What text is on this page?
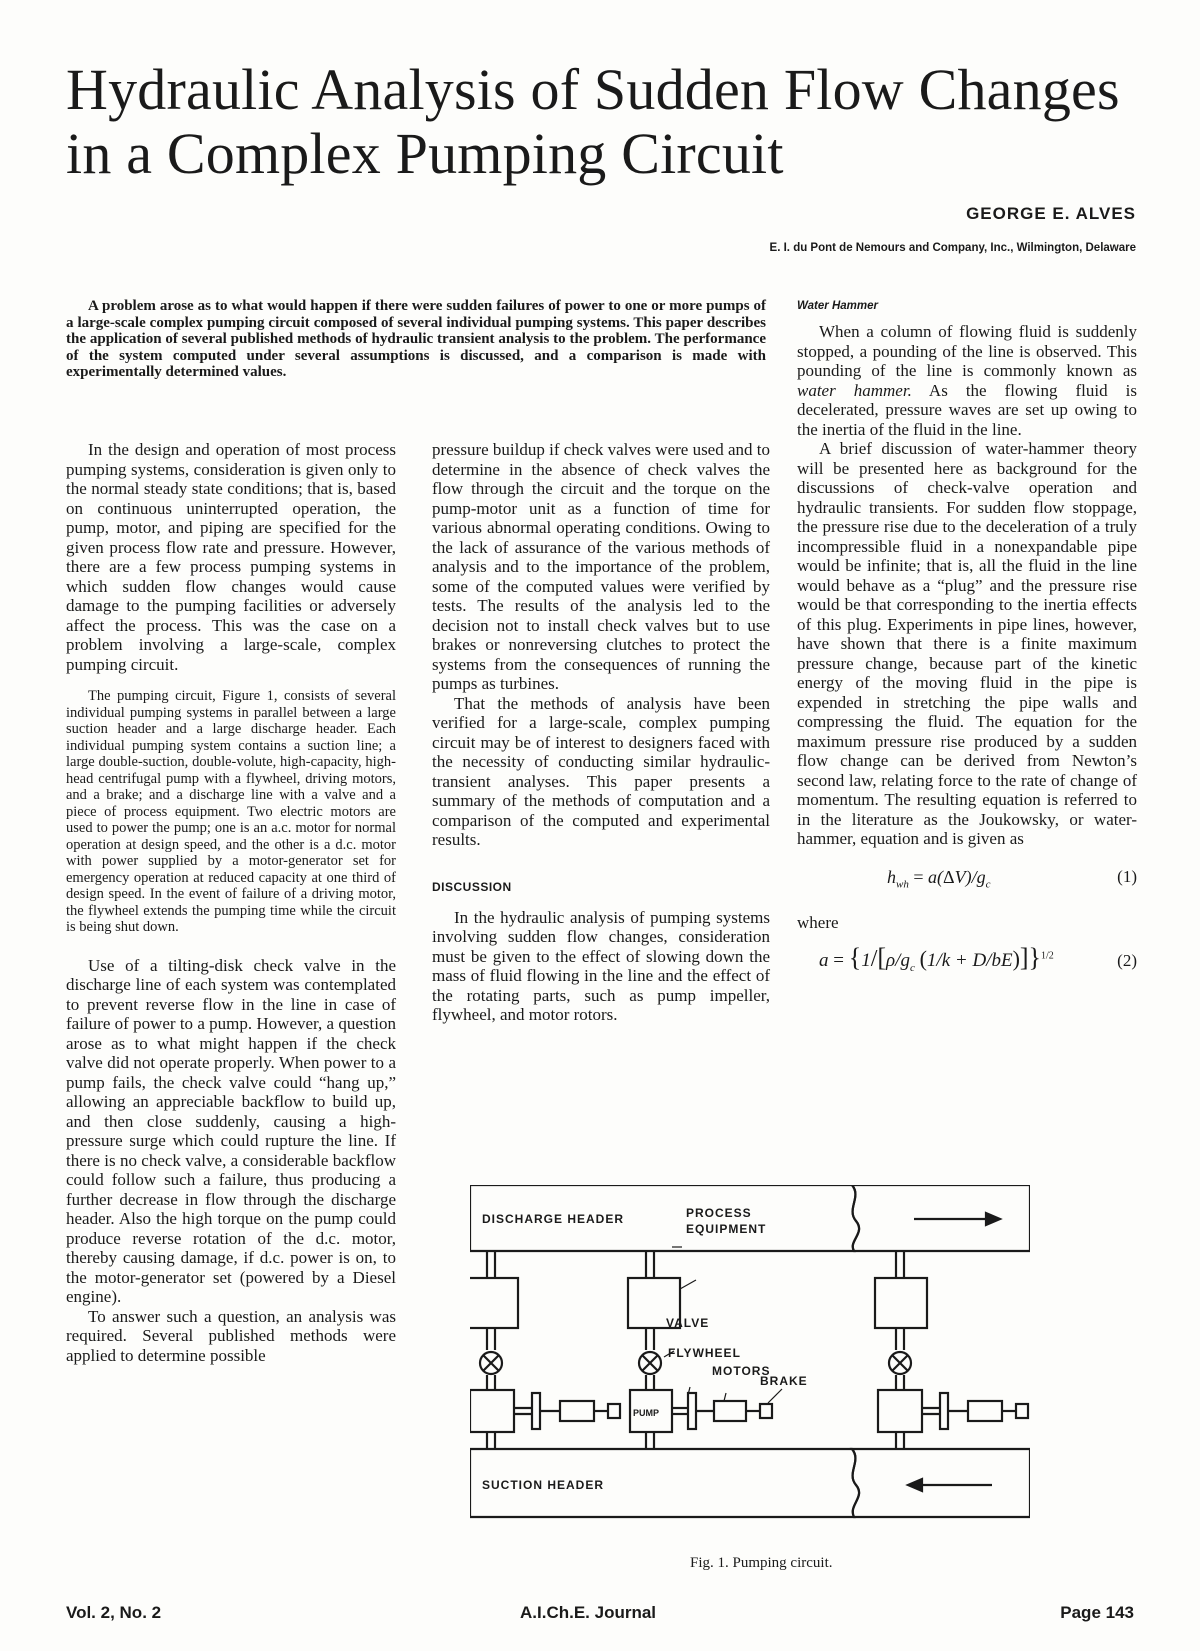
Hydraulic Analysis of Sudden Flow Changes in a Complex Pumping Circuit
GEORGE E. ALVES
E. I. du Pont de Nemours and Company, Inc., Wilmington, Delaware

A problem arose as to what would happen if there were sudden failures of power to one or more pumps of a large-scale complex pumping circuit composed of several individual pumping systems. This paper describes the application of several published methods of hydraulic transient analysis to the problem. The performance of the system computed under several assumptions is discussed, and a comparison is made with experimentally determined values.

In the design and operation of most process pumping systems, consideration is given only to the normal steady state conditions; that is, based on continuous uninterrupted operation, the pump, motor, and piping are specified for the given process flow rate and pressure. However, there are a few process pumping systems in which sudden flow changes would cause damage to the pumping facilities or adversely affect the process. This was the case on a problem involving a large-scale, complex pumping circuit.

The pumping circuit, Figure 1, consists of several individual pumping systems in parallel between a large suction header and a large discharge header. Each individual pumping system contains a suction line; a large double-suction, double-volute, high-capacity, high-head centrifugal pump with a flywheel, driving motors, and a brake; and a discharge line with a valve and a piece of process equipment. Two electric motors are used to power the pump; one is an a.c. motor for normal operation at design speed, and the other is a d.c. motor with power supplied by a motor-generator set for emergency operation at reduced capacity at one third of design speed. In the event of failure of a driving motor, the flywheel extends the pumping time while the circuit is being shut down.

Use of a tilting-disk check valve in the discharge line of each system was contemplated to prevent reverse flow in the line in case of failure of power to a pump. However, a question arose as to what might happen if the check valve did not operate properly. When power to a pump fails, the check valve could “hang up,” allowing an appreciable backflow to build up, and then close suddenly, causing a high-pressure surge which could rupture the line. If there is no check valve, a considerable backflow could follow such a failure, thus producing a further decrease in flow through the discharge header. Also the high torque on the pump could produce reverse rotation of the d.c. motor, thereby causing damage, if d.c. power is on, to the motor-generator set (powered by a Diesel engine).

To answer such a question, an analysis was required. Several published methods were applied to determine possible

pressure buildup if check valves were used and to determine in the absence of check valves the flow through the circuit and the torque on the pump-motor unit as a function of time for various abnormal operating conditions. Owing to the lack of assurance of the various methods of analysis and to the importance of the problem, some of the computed values were verified by tests. The results of the analysis led to the decision not to install check valves but to use brakes or nonreversing clutches to protect the systems from the consequences of running the pumps as turbines.

That the methods of analysis have been verified for a large-scale, complex pumping circuit may be of interest to designers faced with the necessity of conducting similar hydraulic-transient analyses. This paper presents a summary of the methods of computation and a comparison of the computed and experimental results.

DISCUSSION

In the hydraulic analysis of pumping systems involving sudden flow changes, consideration must be given to the effect of slowing down the mass of fluid flowing in the line and the effect of the rotating parts, such as pump impeller, flywheel, and motor rotors.

Water Hammer

When a column of flowing fluid is suddenly stopped, a pounding of the line is observed. This pounding of the line is commonly known as water hammer. As the flowing fluid is decelerated, pressure waves are set up owing to the inertia of the fluid in the line.

A brief discussion of water-hammer theory will be presented here as background for the discussions of check-valve operation and hydraulic transients. For sudden flow stoppage, the pressure rise due to the deceleration of a truly incompressible fluid in a nonexpandable pipe would be infinite; that is, all the fluid in the line would behave as a “plug” and the pressure rise would be that corresponding to the inertia effects of this plug. Experiments in pipe lines, however, have shown that there is a finite maximum pressure change, because part of the kinetic energy of the moving fluid in the pipe is expended in stretching the pipe walls and compressing the fluid. The equation for the maximum pressure rise produced by a sudden flow change can be derived from Newton’s second law, relating force to the rate of change of momentum. The resulting equation is referred to in the literature as the Joukowsky, or water-hammer, equation and is given as

$h_{wh} = a(\Delta V)/g_c$	(1)
where
$a = \{1/[\rho/g_c$ (1/k + D/bE)]}$^{1/2}$	(2)
DISCHARGE HEADER
SUCTION HEADER
PROCESS
EQUIPMENT
VALVE
FLYWHEEL
MOTORS
BRAKE
PUMP
Fig. 1. Pumping circuit.
Vol. 2, No. 2	A.I.Ch.E. Journal	Page 143
